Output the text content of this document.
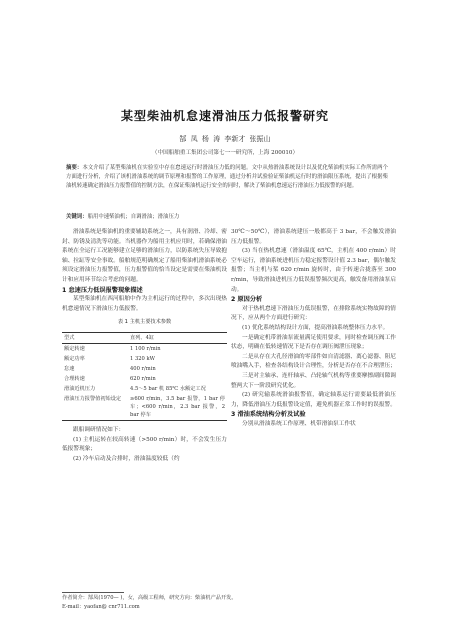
某型柴油机怠速滑油压力低报警研究
郜 凤 杨 涛 李新才 张振山
（中国船舶重工集团公司第七一一研究所，上海 200010）
摘要：本文介绍了某型柴油机在实验室中存在怠速运行时滑油压力低的问题。文中从热滑油系统设计以及优化柴油机实际工作所需两个方面进行分析，介绍了该机滑油系统的调节原理和报警的工作原理，通过分析并试验验证柴油机运行时的滑油限压系统，提出了根据柴油机转速确定滑油压力报警值的控制方法，在保证柴油机运行安全的同时，解决了柴油机怠速运行滑油压力低报警的问题。
关键词：船用中速柴油机；自调滑油；滑油压力

滑油系统是柴油机的重要辅助系统之一，具有润滑、冷却、密封、防锈及清洗等功能。当机器作为船用主机应用时，若确保滑油系统在全运行工况能够建立足够的滑油压力，以防系统失压导致抱轴、拉缸等安全事故。船舶规范明确规定了船用柴油机滑油系统必须设定滑油压力报警值，压力报警值的恰当设定是需要在柴油机设计和应用环节综合考虑的问题。

1 怠速压力低误报警现象描述

某型柴油机在西河船舶中作为主机运行的过程中，多次出现热机怠速情况下滑油压力低报警。

表 1 主机主要技术参数
型式	直列、4缸
额定转速	1 100 r/min
额定功率	1 320 kW
怠速	400 r/min
合理转速	620 r/min
滑油近机压力	4.5～5 bar 机 85℃ 水额定工况
滑油压力报警值初始设定	≥600 r/min，3.5 bar 报警，1 bar 停车；<600 r/min，2.3 bar 报警，2 bar 停车

跟船调研情况如下：

(1) 主机运转在较高转速（>500 r/min）时，不会发生压力低报警现象；

(2) 冷车启动及合排时，滑油温度较低（约

30℃～50℃），滑油系统建压一般都高于 3 bar，不会触发滑油压力低报警。

(3) 当在热机怠速（滑油温度 65℃，主机在 400 r/min）时空车运行，滑油系统进机压力稳定报警设计值 2.3 bar，偶尔触发报警；当主机与桨 620 r/min 旋转时，由于转速合拢落至 300 r/min，导致滑油进机压力低误报警频次更高，触发备用滑油泵启动。

2 原因分析

对于热机怠速下滑油压力低误报警，在排除系统实物故障的情况下，应从两个方面进行研究：

(1) 优化系统结构设计方面，提高滑油系统整体压力水平。

一是确定机带滑油泵流量满足使用要求，同时检查调压阀工作状态，明确在低转速情况下是否存在调压阀泄压现象；

二是从存在大孔径滑油的零部件如自清滤器、离心滤器、阻尼喷油嘴入手，检查各结构设计合理性，分析是否存在不合理泄压；

三是对主轴承、连杆轴承、凸轮轴气机构等重要摩擦副间隙调整两大下一阶段研究优化。

(2) 研究输系统滑油报警值，确定轴系运行需要最低滑油压力，降低滑油压力低报警设定值，避免机器正常工作时的误报警。

3 滑油系统结构分析及试验

分别从滑油系统工作原理、机带滑油泵工作状

作者简介：郜凤(1970— )，女，高级工程师，研究方向：柴油机产品开发。
E-mail：yaofan@ cnr711.com
